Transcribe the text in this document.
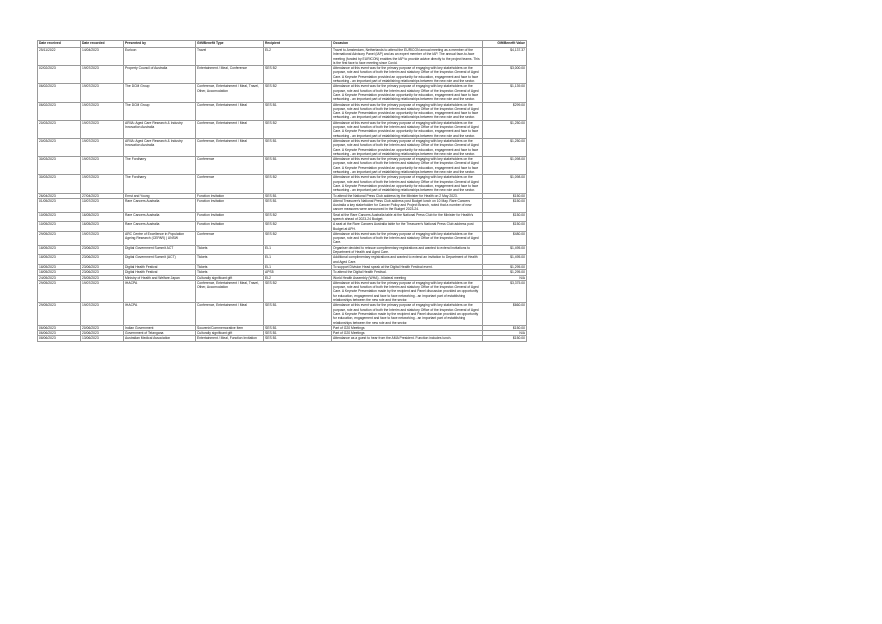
Date received	Date recorded	Presented by	Gift/Benefit Type	Recipient	Occasion	Gift/Benefit Value
25/11/2022	14/04/2023	Eurlcon	Travel	EL2	Travel to Amsterdam, Netherlands to attend the EURICON annual meeting as a member of the International Advisory Panel (IAP) and as an expert member of the IAP. The annual face-to-face meeting (funded by EURICON) enables the IAP to provide advice directly to the project teams. This is the first face to face meeting since Covid.	$4,137.37
02/02/2023	19/07/2023	Property Council of Australia	Entertainment / Meal, Conference	SES B2	Attendance at this event was for the primary purpose of engaging with key stakeholders on the purpose, role and function of both the Interim and statutory Office of the Inspector-General of Aged Care. A Keynote Presentation provided an opportunity for education, engagement and face to face networking - an important part of establishing relationships between the new role and the sector.	$3,000.00
06/02/2023	19/07/2023	The DCM Group	Conference, Entertainment / Meal, Travel, Other, Accomodation	SES B2	Attendance at this event was for the primary purpose of engaging with key stakeholders on the purpose, role and function of both the Interim and statutory Office of the Inspector-General of Aged Care. A Keynote Presentation provided an opportunity for education, engagement and face to face networking - an important part of establishing relationships between the new role and the sector.	$1,139.00
06/02/2023	19/07/2023	The DCM Group	Conference, Entertainment / Meal	SES B1	Attendance at this event was for the primary purpose of engaging with key stakeholders on the purpose, role and function of both the Interim and statutory Office of the Inspector-General of Aged Care. A Keynote Presentation provided an opportunity for education, engagement and face to face networking - an important part of establishing relationships between the new role and the sector.	$299.00
20/03/2023	19/07/2023	ARIIA: Aged Care Research & Industry Innovation Australia	Conference, Entertainment / Meal	SES B2	Attendance at this event was for the primary purpose of engaging with key stakeholders on the purpose, role and function of both the Interim and statutory Office of the Inspector-General of Aged Care. A Keynote Presentation provided an opportunity for education, engagement and face to face networking - an important part of establishing relationships between the new role and the sector.	$1,250.00
20/03/2023	19/07/2023	ARIIA: Aged Care Research & Industry Innovation Australia	Conference, Entertainment / Meal	SES B1	Attendance at this event was for the primary purpose of engaging with key stakeholders on the purpose, role and function of both the Interim and statutory Office of the Inspector-General of Aged Care. A Keynote Presentation provided an opportunity for education, engagement and face to face networking - an important part of establishing relationships between the new role and the sector.	$1,250.00
30/03/2023	19/07/2023	The Fordharry	Conference	SES B1	Attendance at this event was for the primary purpose of engaging with key stakeholders on the purpose, role and function of both the Interim and statutory Office of the Inspector-General of Aged Care. A Keynote Presentation provided an opportunity for education, engagement and face to face networking - an important part of establishing relationships between the new role and the sector.	$1,098.00
30/03/2023	19/07/2023	The Fordharry	Conference	SES B2	Attendance at this event was for the primary purpose of engaging with key stakeholders on the purpose, role and function of both the Interim and statutory Office of the Inspector-General of Aged Care. A Keynote Presentation provided an opportunity for education, engagement and face to face networking - an important part of establishing relationships between the new role and the sector.	$1,098.00
26/04/2023	27/04/2023	Ernst and Young	Function Invitation	SES B1	To attend the National Press Club address by the Minister for Health on 2 May 2023.	$150.00
01/05/2023	10/07/2023	Rare Cancers Australia	Function Invitation	SES B1	Attend Treasurer's National Press Club address post Budget lunch on 10 May. Rare Cancers Australia a key stakeholder for Cancer Policy and Project Branch, noted that a number of new cancer measures were announced in the Budget 2023-24.	$150.00
10/05/2023	16/05/2023	Rare Cancers Australia	Function Invitation	SES B2	Seat at the Rare Cancers Australia table at the National Press Club for the Minister for Health's speech ahead of 2023-24 Budget.	$150.00
10/05/2023	16/05/2023	Rare Cancers Australia	Function Invitation	SES B2	A seat at the Rare Cancers Australia table for the Treasurer's National Press Club address post Budget at APH.	$150.00
29/05/2023	19/07/2023	ARC Centre of Excellence in Population Ageing Research (CEPAR) | UNSW	Conference	SES B2	Attendance at this event was for the primary purpose of engaging with key stakeholders on the purpose, role and function of both the Interim and statutory Office of the Inspector-General of Aged Care.	$480.00
18/05/2023	23/06/2023	Digital Government Summit ACT	Tickets	EL1	Organiser decided to reissue complimentary registrations and wanted to extend invitations to Department of Health and Aged Care.	$1,495.00
18/05/2023	23/06/2023	Digital Government Summit (ACT)	Tickets	EL1	Additional complimentary registrations and wanted to extend an invitation to Department of Health and Aged Care.	$1,495.00
18/05/2023	23/06/2023	Digital Health Festival	Tickets	EL1	To support Division Head speak at the Digital Health Festival event.	$1,295.00
18/05/2023	23/06/2023	Digital Health Festival	Tickets	APS5	To attend the Digital Health Festival.	$1,295.00
24/05/2023	25/05/2023	Ministry of Health and Welfare Japan	Culturally significant gift	EL2	World Health Assembly (WHA) - bilateral meeting	N/A
29/05/2023	19/07/2023	IHACPA	Conference, Entertainment / Meal, Travel, Other, Accomodation	SES B2	Attendance at this event was for the primary purpose of engaging with key stakeholders on the purpose, role and function of both the Interim and statutory Office of the Inspector-General of Aged Care. A Keynote Presentation made by the recipient and Panel discussion provided an opportunity for education, engagement and face to face networking - an important part of establishing relationships between the new role and the sector.	$3,375.00
29/05/2023	19/07/2023	IHACPA	Conference, Entertainment / Meal	SES B1	Attendance at this event was for the primary purpose of engaging with key stakeholders on the purpose, role and function of both the Interim and statutory Office of the Inspector-General of Aged Care. A Keynote Presentation made by the recipient and Panel discussion provided an opportunity for education, engagement and face to face networking - an important part of establishing relationships between the new role and the sector.	$660.00
06/06/2023	20/06/2023	Indian Government	Souvenir/Commemorative Item	SES B1	Part of G20 Meetings	$150.00
06/06/2023	20/06/2023	Government of Telangana	Culturally significant gift	SES B1	Part of G20 Meetings	N/A
08/06/2023	13/06/2023	Australian Medical Association	Entertainment / Meal, Function Invitation	SES B1	Attendance as a guest to hear from the AMA President. Function includes lunch.	$150.00
